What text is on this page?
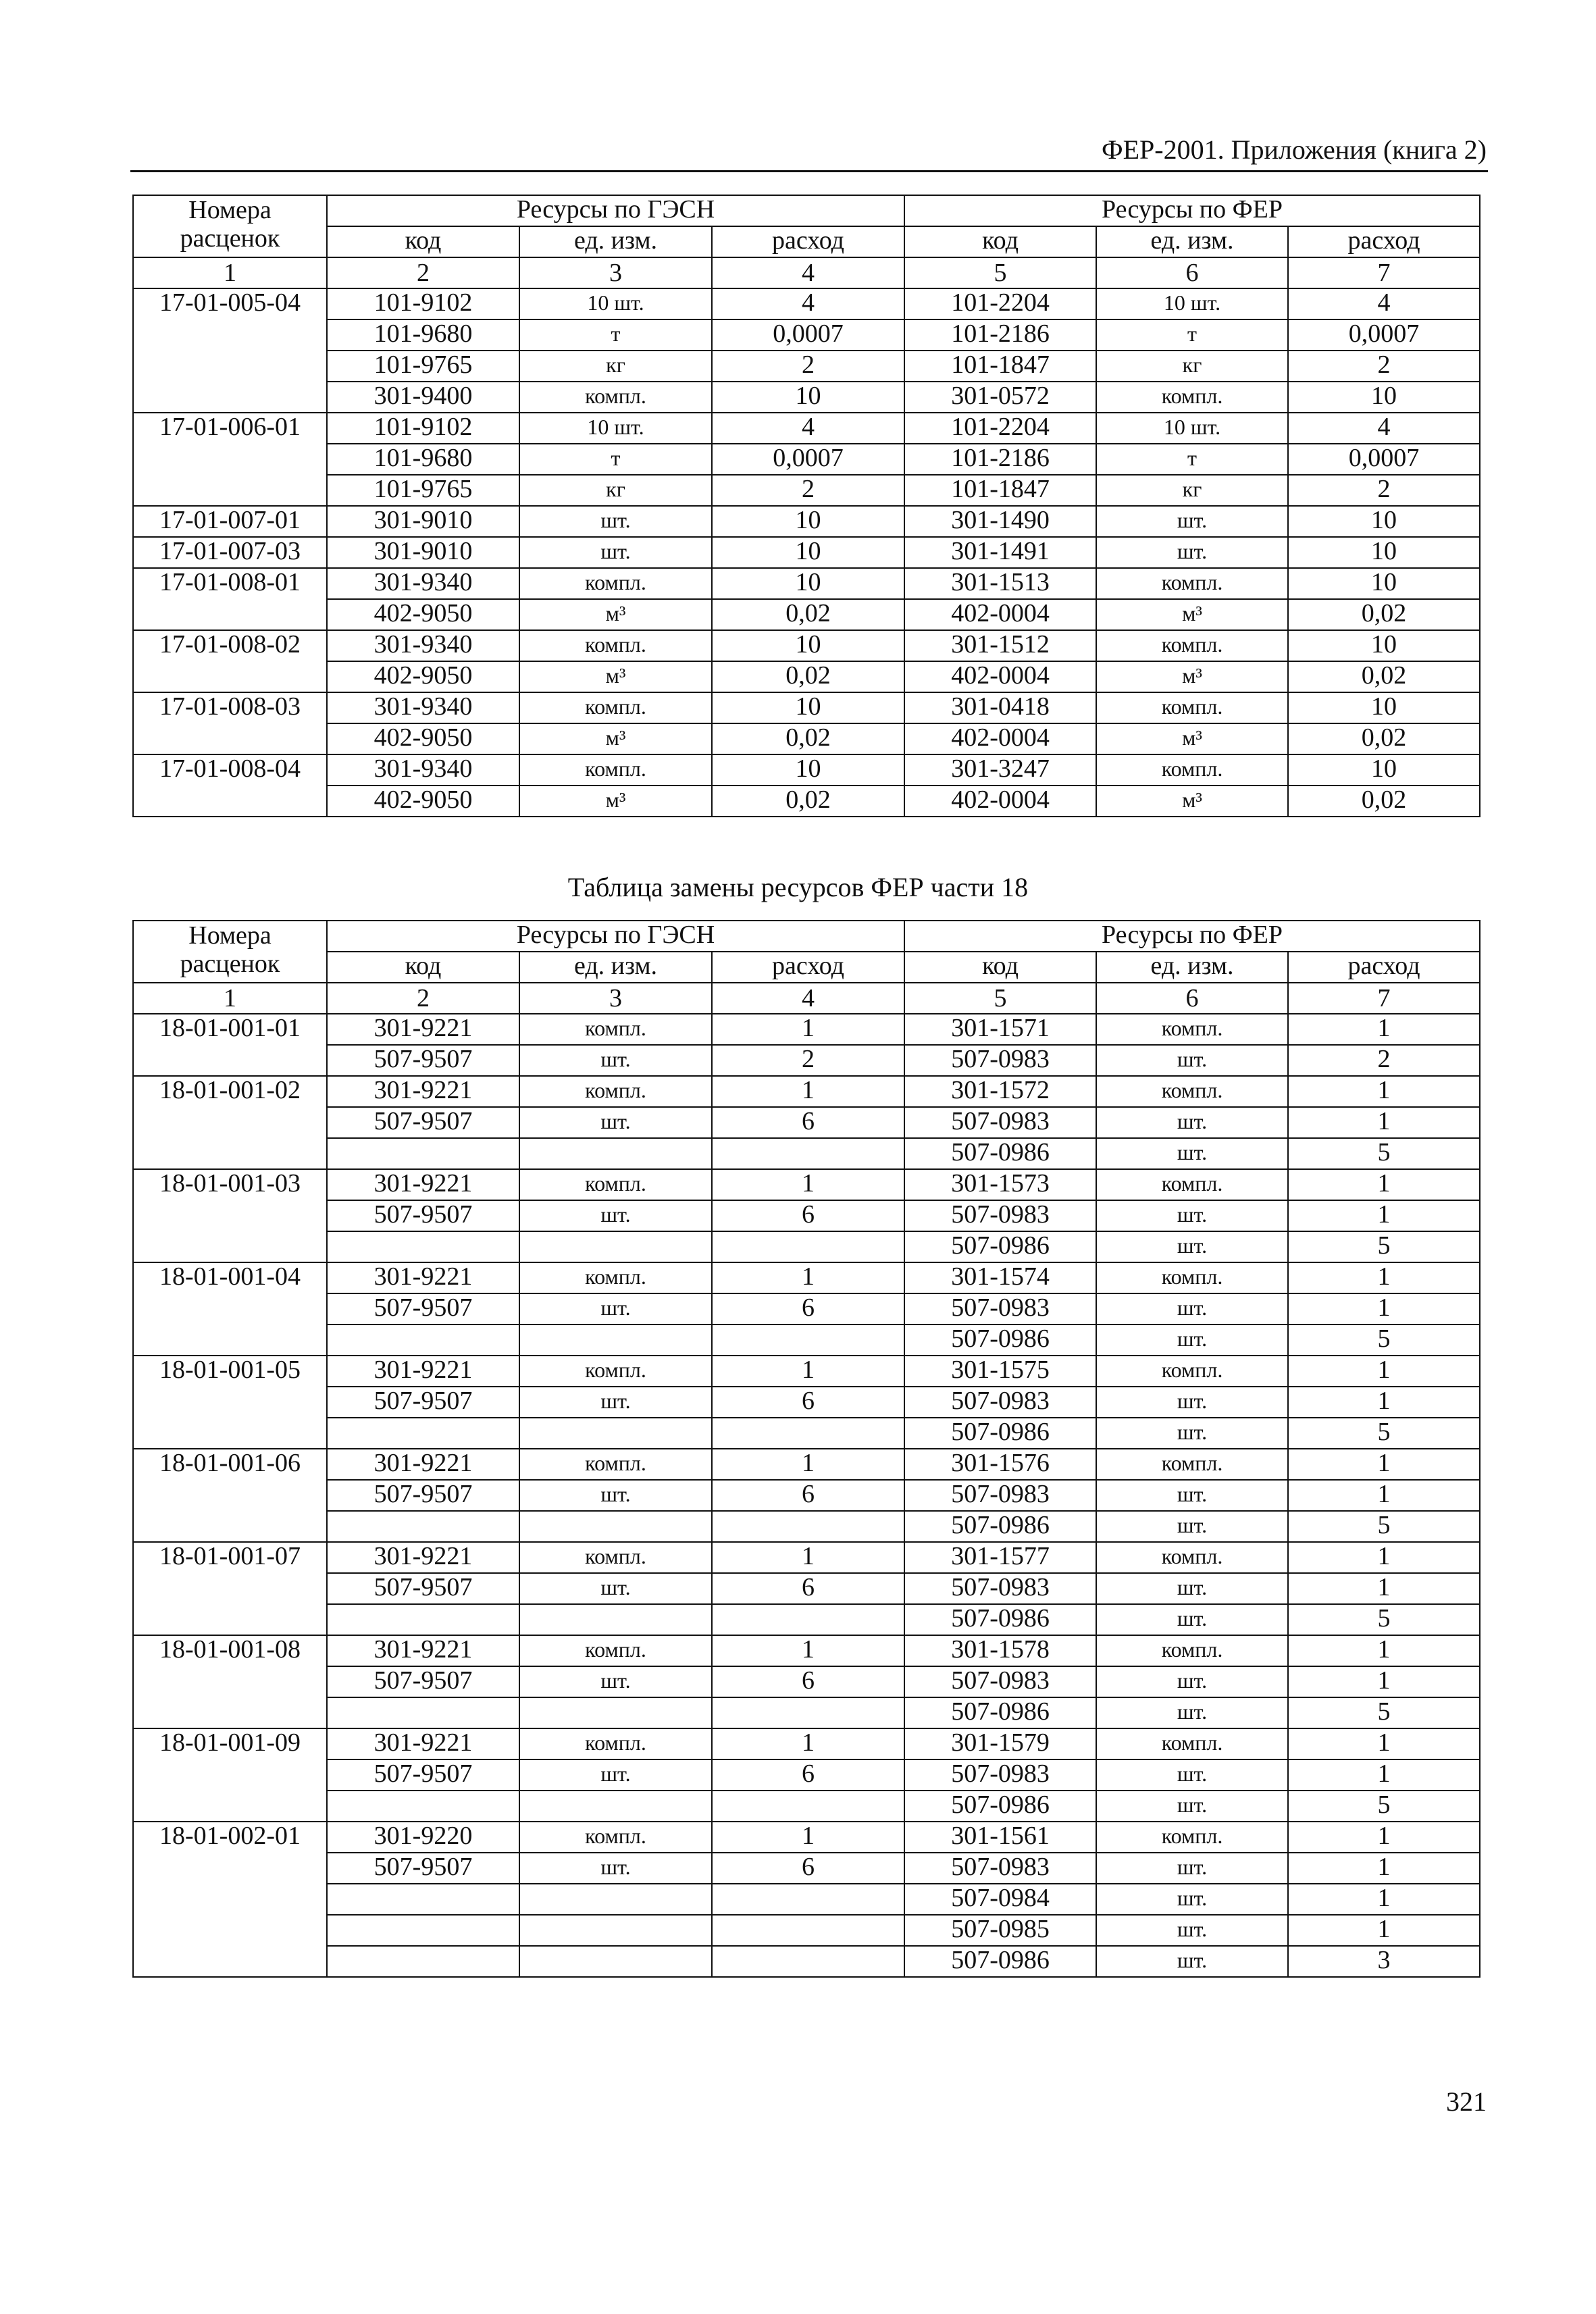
ФЕР-2001. Приложения (книга 2)
Номера расценок	Ресурсы по ГЭСН			Ресурсы по ФЕР		
	код	ед. изм.	расход	код	ед. изм.	расход
1	2	3	4	5	6	7
17-01-005-04	101-9102	10 шт.	4	101-2204	10 шт.	4
	101-9680	т	0,0007	101-2186	т	0,0007
	101-9765	кг	2	101-1847	кг	2
	301-9400	компл.	10	301-0572	компл.	10
17-01-006-01	101-9102	10 шт.	4	101-2204	10 шт.	4
	101-9680	т	0,0007	101-2186	т	0,0007
	101-9765	кг	2	101-1847	кг	2
17-01-007-01	301-9010	шт.	10	301-1490	шт.	10
17-01-007-03	301-9010	шт.	10	301-1491	шт.	10
17-01-008-01	301-9340	компл.	10	301-1513	компл.	10
	402-9050	м³	0,02	402-0004	м³	0,02
17-01-008-02	301-9340	компл.	10	301-1512	компл.	10
	402-9050	м³	0,02	402-0004	м³	0,02
17-01-008-03	301-9340	компл.	10	301-0418	компл.	10
	402-9050	м³	0,02	402-0004	м³	0,02
17-01-008-04	301-9340	компл.	10	301-3247	компл.	10
	402-9050	м³	0,02	402-0004	м³	0,02
Таблица замены ресурсов ФЕР части 18
Номера расценок	Ресурсы по ГЭСН			Ресурсы по ФЕР		
	код	ед. изм.	расход	код	ед. изм.	расход
1	2	3	4	5	6	7
18-01-001-01	301-9221	компл.	1	301-1571	компл.	1
	507-9507	шт.	2	507-0983	шт.	2
18-01-001-02	301-9221	компл.	1	301-1572	компл.	1
	507-9507	шт.	6	507-0983	шт.	1
				507-0986	шт.	5
18-01-001-03	301-9221	компл.	1	301-1573	компл.	1
	507-9507	шт.	6	507-0983	шт.	1
				507-0986	шт.	5
18-01-001-04	301-9221	компл.	1	301-1574	компл.	1
	507-9507	шт.	6	507-0983	шт.	1
				507-0986	шт.	5
18-01-001-05	301-9221	компл.	1	301-1575	компл.	1
	507-9507	шт.	6	507-0983	шт.	1
				507-0986	шт.	5
18-01-001-06	301-9221	компл.	1	301-1576	компл.	1
	507-9507	шт.	6	507-0983	шт.	1
				507-0986	шт.	5
18-01-001-07	301-9221	компл.	1	301-1577	компл.	1
	507-9507	шт.	6	507-0983	шт.	1
				507-0986	шт.	5
18-01-001-08	301-9221	компл.	1	301-1578	компл.	1
	507-9507	шт.	6	507-0983	шт.	1
				507-0986	шт.	5
18-01-001-09	301-9221	компл.	1	301-1579	компл.	1
	507-9507	шт.	6	507-0983	шт.	1
				507-0986	шт.	5
18-01-002-01	301-9220	компл.	1	301-1561	компл.	1
	507-9507	шт.	6	507-0983	шт.	1
				507-0984	шт.	1
				507-0985	шт.	1
				507-0986	шт.	3
321
